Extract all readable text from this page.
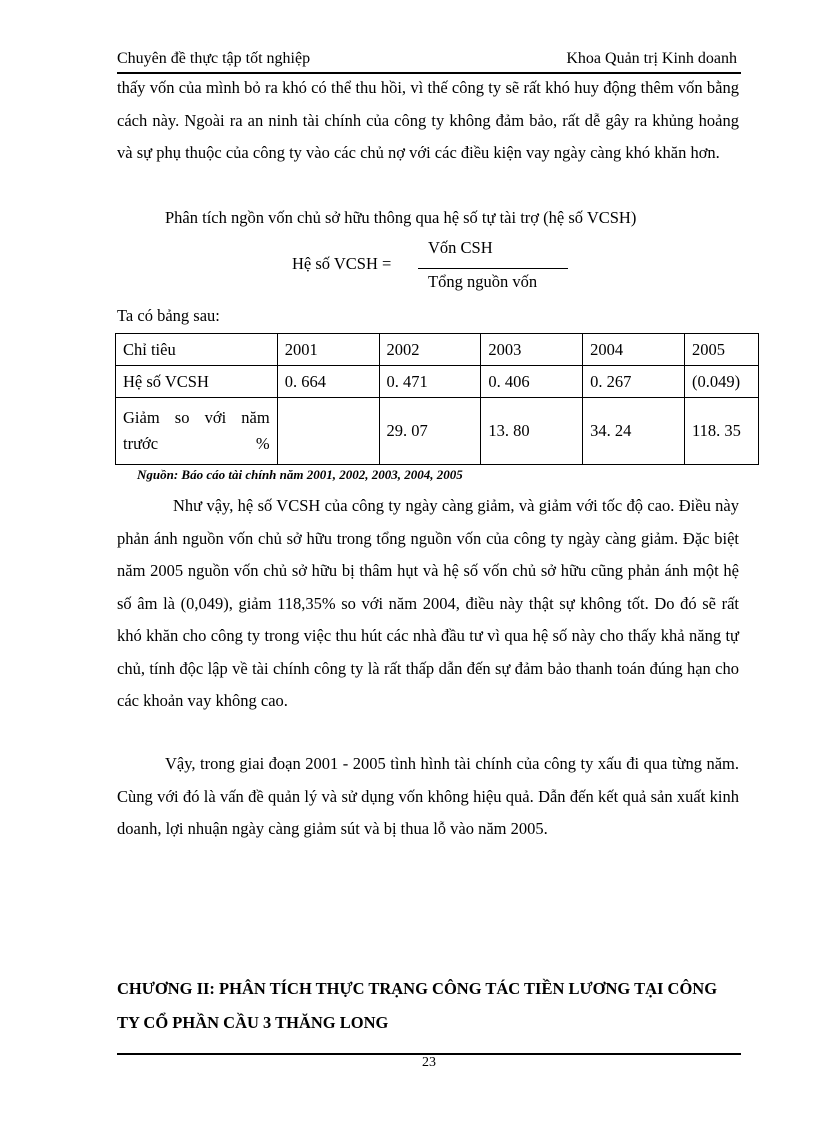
Chuyên đề thực tập tốt nghiệp	Khoa Quản trị Kinh doanh

thấy vốn của mình bỏ ra khó có thể thu hồi, vì thế công ty sẽ rất khó huy động thêm vốn bằng cách này. Ngoài ra an ninh tài chính của công ty không đảm bảo, rất dễ gây ra khủng hoảng và sự phụ thuộc của công ty vào các chủ nợ với các điều kiện vay ngày càng khó khăn hơn.

Phân tích ngồn vốn chủ sở hữu thông qua hệ số tự tài trợ (hệ số VCSH)

Hệ số VCSH =
Vốn CSH
Tổng nguồn vốn
Ta có bảng sau:
Chỉ tiêu	2001	2002	2003	2004	2005
Hệ số VCSH	0. 664	0. 471	0. 406	0. 267	(0.049)
Giảm so với năm trước %		29. 07	13. 80	34. 24	118. 35
Nguồn: Báo cáo tài chính năm 2001, 2002, 2003, 2004, 2005

Như vậy, hệ số VCSH của công ty ngày càng giảm, và giảm với tốc độ cao. Điều này phản ánh nguồn vốn chủ sở hữu trong tổng nguồn vốn của công ty ngày càng giảm. Đặc biệt năm 2005 nguồn vốn chủ sở hữu bị thâm hụt và hệ số vốn chủ sở hữu cũng phản ánh một hệ số âm là (0,049), giảm 118,35% so với năm 2004, điều này thật sự không tốt. Do đó sẽ rất khó khăn cho công ty trong việc thu hút các nhà đầu tư vì qua hệ số này cho thấy khả năng tự chủ, tính độc lập về tài chính công ty là rất thấp dẫn đến sự đảm bảo thanh toán đúng hạn cho các khoản vay không cao.

Vậy, trong giai đoạn 2001 - 2005 tình hình tài chính của công ty xấu đi qua từng năm. Cùng với đó là vấn đề quản lý và sử dụng vốn không hiệu quả. Dẫn đến kết quả sản xuất kinh doanh, lợi nhuận ngày càng giảm sút và bị thua lỗ vào năm 2005.

CHƯƠNG II: PHÂN TÍCH THỰC TRẠNG CÔNG TÁC TIỀN LƯƠNG TẠI CÔNG TY CỔ PHẦN CẦU 3 THĂNG LONG

23
